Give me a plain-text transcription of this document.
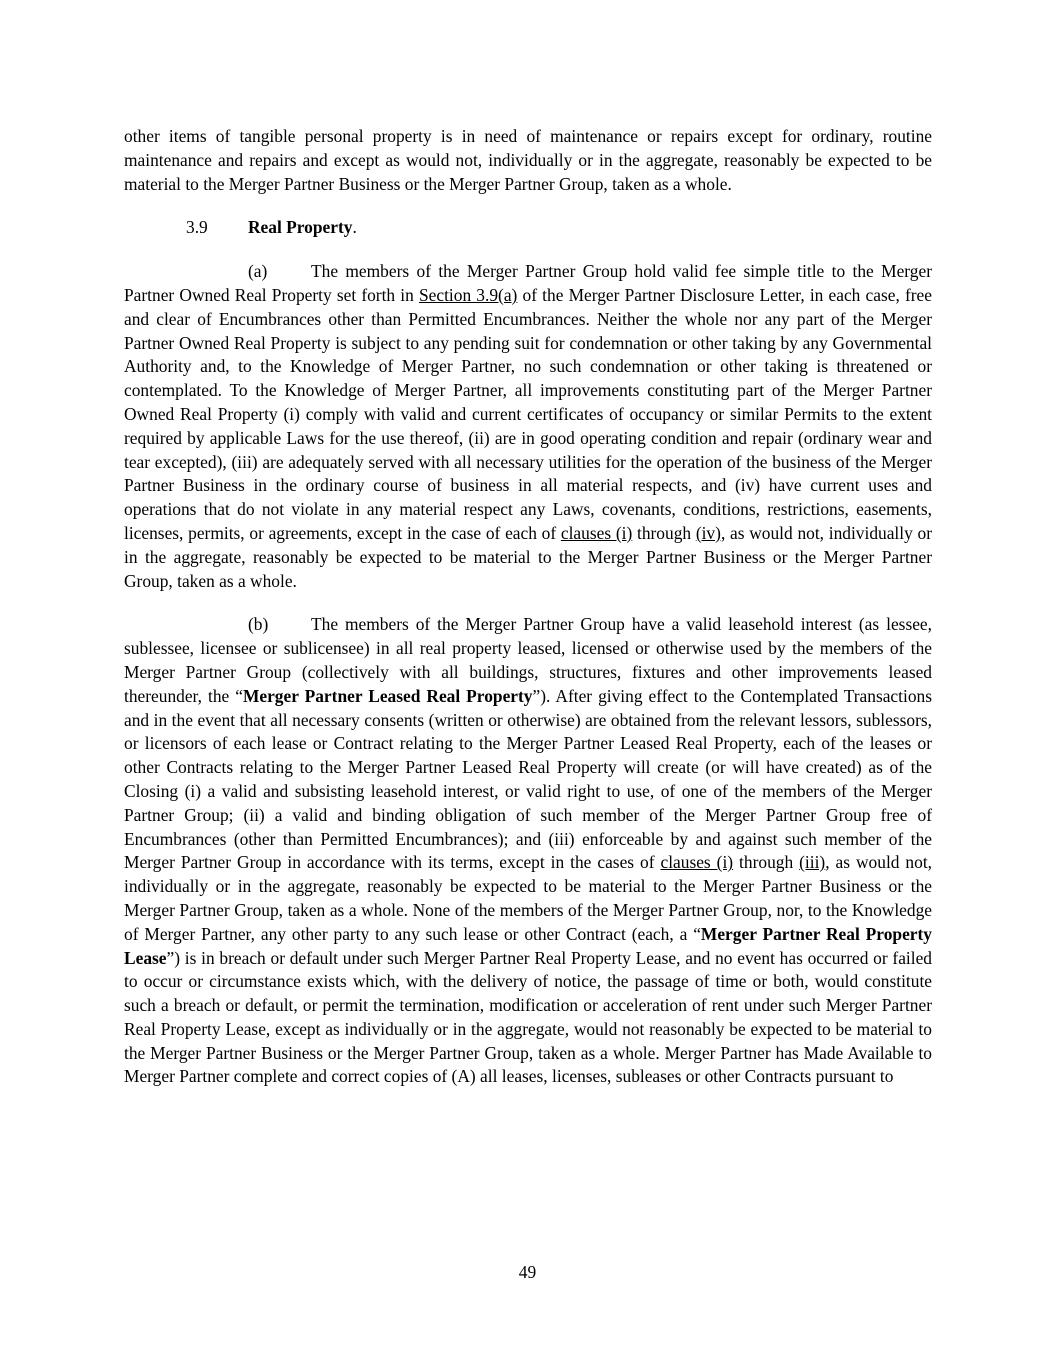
other items of tangible personal property is in need of maintenance or repairs except for ordinary, routine maintenance and repairs and except as would not, individually or in the aggregate, reasonably be expected to be material to the Merger Partner Business or the Merger Partner Group, taken as a whole.

3.9 Real Property.

(a)	The members of the Merger Partner Group hold valid fee simple title to the Merger Partner Owned Real Property set forth in Section 3.9(a) of the Merger Partner Disclosure Letter, in each case, free and clear of Encumbrances other than Permitted Encumbrances. Neither the whole nor any part of the Merger Partner Owned Real Property is subject to any pending suit for condemnation or other taking by any Governmental Authority and, to the Knowledge of Merger Partner, no such condemnation or other taking is threatened or contemplated. To the Knowledge of Merger Partner, all improvements constituting part of the Merger Partner Owned Real Property (i) comply with valid and current certificates of occupancy or similar Permits to the extent required by applicable Laws for the use thereof, (ii) are in good operating condition and repair (ordinary wear and tear excepted), (iii) are adequately served with all necessary utilities for the operation of the business of the Merger Partner Business in the ordinary course of business in all material respects, and (iv) have current uses and operations that do not violate in any material respect any Laws, covenants, conditions, restrictions, easements, licenses, permits, or agreements, except in the case of each of clauses (i) through (iv), as would not, individually or in the aggregate, reasonably be expected to be material to the Merger Partner Business or the Merger Partner Group, taken as a whole.

(b) The members of the Merger Partner Group have a valid leasehold interest (as lessee, sublessee, licensee or sublicensee) in all real property leased, licensed or otherwise used by the members of the Merger Partner Group (collectively with all buildings, structures, fixtures and other improvements leased thereunder, the “Merger Partner Leased Real Property”). After giving effect to the Contemplated Transactions and in the event that all necessary consents (written or otherwise) are obtained from the relevant lessors, sublessors, or licensors of each lease or Contract relating to the Merger Partner Leased Real Property, each of the leases or other Contracts relating to the Merger Partner Leased Real Property will create (or will have created) as of the Closing (i) a valid and subsisting leasehold interest, or valid right to use, of one of the members of the Merger Partner Group; (ii) a valid and binding obligation of such member of the Merger Partner Group free of Encumbrances (other than Permitted Encumbrances); and (iii) enforceable by and against such member of the Merger Partner Group in accordance with its terms, except in the cases of clauses (i) through (iii), as would not, individually or in the aggregate, reasonably be expected to be material to the Merger Partner Business or the Merger Partner Group, taken as a whole. None of the members of the Merger Partner Group, nor, to the Knowledge of Merger Partner, any other party to any such lease or other Contract (each, a “Merger Partner Real Property Lease”) is in breach or default under such Merger Partner Real Property Lease, and no event has occurred or failed to occur or circumstance exists which, with the delivery of notice, the passage of time or both, would constitute such a breach or default, or permit the termination, modification or acceleration of rent under such Merger Partner Real Property Lease, except as individually or in the aggregate, would not reasonably be expected to be material to the Merger Partner Business or the Merger Partner Group, taken as a whole. Merger Partner has Made Available to Merger Partner complete and correct copies of (A) all leases, licenses, subleases or other Contracts pursuant to

49
